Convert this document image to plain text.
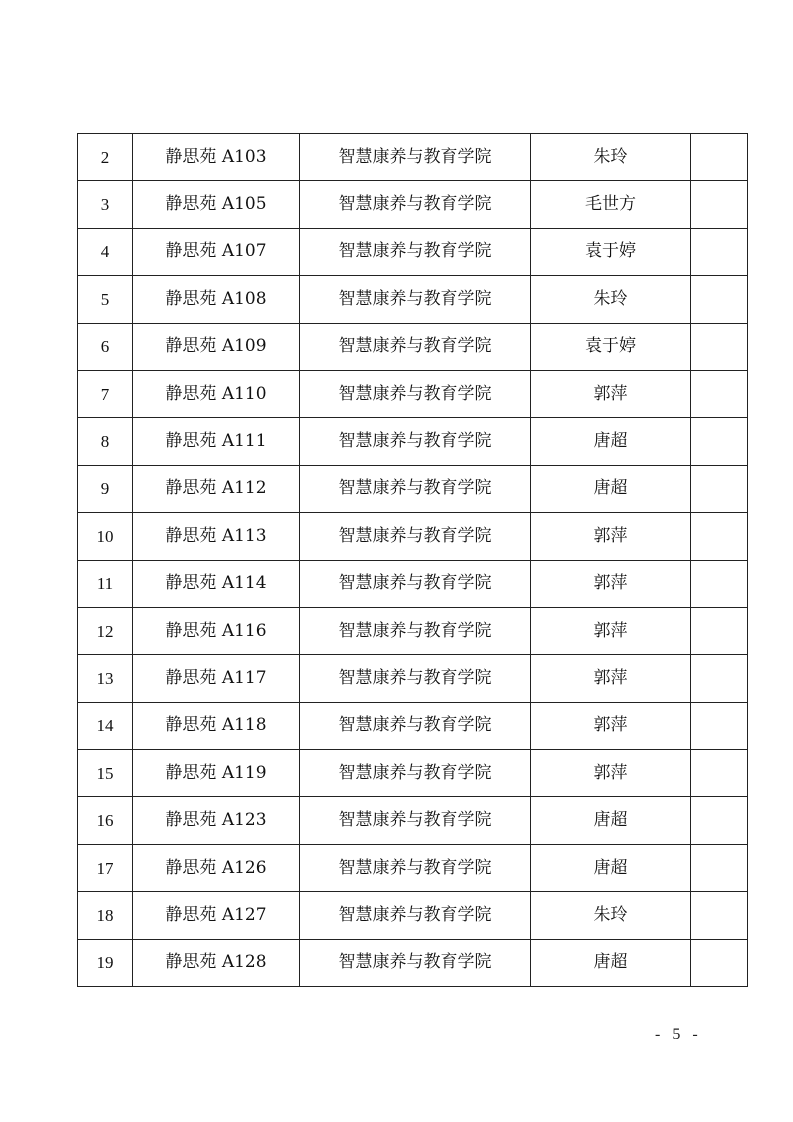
2	静思苑 A103	智慧康养与教育学院	朱玲	
3	静思苑 A105	智慧康养与教育学院	毛世方	
4	静思苑 A107	智慧康养与教育学院	袁于婷	
5	静思苑 A108	智慧康养与教育学院	朱玲	
6	静思苑 A109	智慧康养与教育学院	袁于婷	
7	静思苑 A110	智慧康养与教育学院	郭萍	
8	静思苑 A111	智慧康养与教育学院	唐超	
9	静思苑 A112	智慧康养与教育学院	唐超	
10	静思苑 A113	智慧康养与教育学院	郭萍	
11	静思苑 A114	智慧康养与教育学院	郭萍	
12	静思苑 A116	智慧康养与教育学院	郭萍	
13	静思苑 A117	智慧康养与教育学院	郭萍	
14	静思苑 A118	智慧康养与教育学院	郭萍	
15	静思苑 A119	智慧康养与教育学院	郭萍	
16	静思苑 A123	智慧康养与教育学院	唐超	
17	静思苑 A126	智慧康养与教育学院	唐超	
18	静思苑 A127	智慧康养与教育学院	朱玲	
19	静思苑 A128	智慧康养与教育学院	唐超	
- 5 -
